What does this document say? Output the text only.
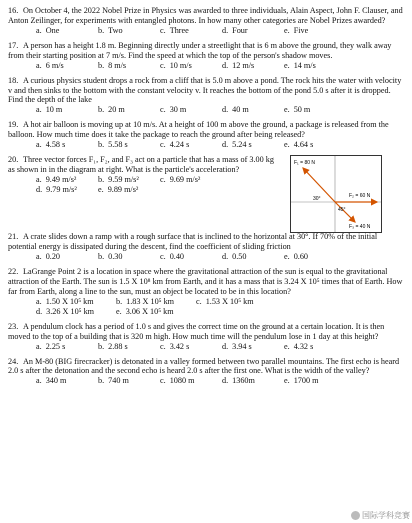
16. On October 4, the 2022 Nobel Prize in Physics was awarded to three individuals, Alain Aspect, John F. Clauser, and Anton Zeilinger, for experiments with entangled photons. In how many other categories are Nobel Prizes awarded?

a. One	b. Two	c. Three	d. Four	e. Five

17. A person has a height 1.8 m. Beginning directly under a streetlight that is 6 m above the ground, they walk away from their starting position at 7 m/s. Find the speed at which the top of the person's shadow moves.

a. 6 m/s	b. 8 m/s	c. 10 m/s	d. 12 m/s	e. 14 m/s

18. A curious physics student drops a rock from a cliff that is 5.0 m above a pond. The rock hits the water with velocity v and then sinks to the bottom with the constant velocity v. It reaches the bottom of the pond 5.0 s after it is dropped. Find the depth of the lake

a. 10 m	b. 20 m	c. 30 m	d. 40 m	e. 50 m

19. A hot air balloon is moving up at 10 m/s. At a height of 100 m above the ground, a package is released from the balloon. How much time does it take the package to reach the ground after being released?

a. 4.58 s	b. 5.58 s	c. 4.24 s	d. 5.24 s	e. 4.64 s

20. Three vector forces F₁, F₂, and F₃ act on a particle that has a mass of 3.00 kg as shown in in the diagram at right. What is the particle's acceleration?

a. 9.49 m/s²	b. 9.59 m/s²	c. 9.69 m/s²
d. 9.79 m/s²	e. 9.89 m/s²
F₁ = 80 N
F₂ = 60 N
F₃ = 40 N
30°
45°

21. A crate slides down a ramp with a rough surface that is inclined to the horizontal at 30°. If 70% of the initial potential energy is dissipated during the descent, find the coefficient of sliding friction

a. 0.20	b. 0.30	c. 0.40	d. 0.50	e. 0.60

22. LaGrange Point 2 is a location in space where the gravitational attraction of the sun is equal to the gravitational attraction of the Earth. The sun is 1.5 X 10⁸ km from Earth, and it has a mass that is 3.24 X 10⁵ times that of Earth. How far from Earth, along a line to the sun, must an object be located to be in this location?

a. 1.50 X 10⁵ km	b. 1.83 X 10⁵ km	c. 1.53 X 10⁵ km
d. 3.26 X 10⁵ km	e. 3.06 X 10⁵ km

23. A pendulum clock has a period of 1.0 s and gives the correct time on the ground at a certain location. It is then moved to the top of a building that is 320 m high. How much time will the pendulum lose in 1 day at this height?

a. 2.25 s	b. 2.88 s	c. 3.42 s	d. 3.94 s	e. 4.32 s

24. An M-80 (BIG firecracker) is detonated in a valley formed between two parallel mountains. The first echo is heard 2.0 s after the detonation and the second echo is heard 2.0 s after the first one. What is the width of the valley?

a. 340 m	b. 740 m	c. 1080 m	d. 1360m	e. 1700 m
国际学科竞赛
